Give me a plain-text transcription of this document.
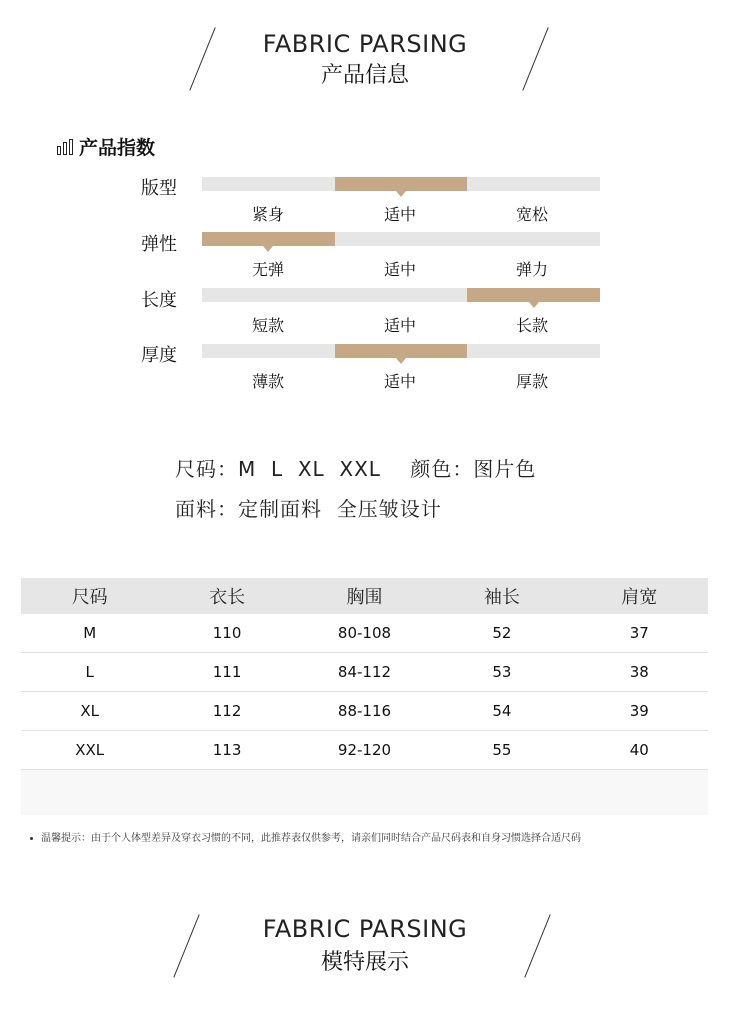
FABRIC PARSING
产品信息
产品指数
版型
紧身	适中	宽松
弹性
无弹	适中	弹力
长度
短款	适中	长款
厚度
薄款	适中	厚款
尺码：M  L  XL  XXL    颜色：图片色
面料：定制面料  全压皱设计
尺码	衣长	胸围	袖长	肩宽
M	110	80-108	52	37
L	111	84-112	53	38
XL	112	88-116	54	39
XXL	113	92-120	55	40

温馨提示：由于个人体型差异及穿衣习惯的不同，此推荐表仅供参考，请亲们同时结合产品尺码表和自身习惯选择合适尺码
FABRIC PARSING
模特展示
